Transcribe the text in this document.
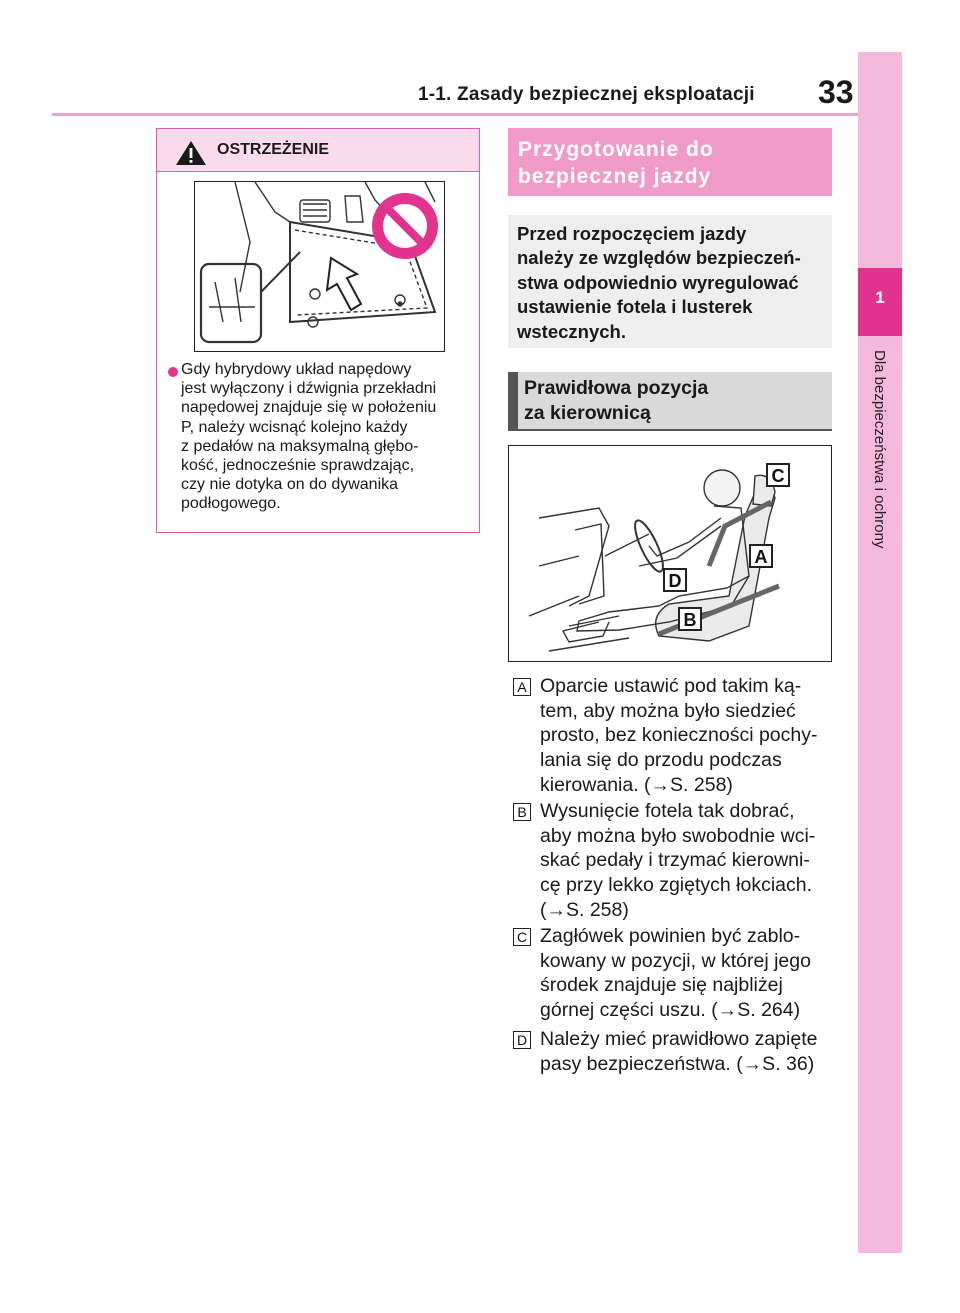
1-1. Zasady bezpiecznej eksploatacji 33
1
Dla bezpieczeństwa i ochrony
OSTRZEŻENIE
Gdy hybrydowy układ napędowy
jest wyłączony i dźwignia przekładni
napędowej znajduje się w położeniu
P, należy wcisnąć kolejno każdy
z pedałów na maksymalną głębo-
kość, jednocześnie sprawdzając,
czy nie dotyka on do dywanika
podłogowego.
Przygotowanie do
bezpiecznej jazdy
Przed rozpoczęciem jazdy
należy ze względów bezpieczeń-
stwa odpowiednio wyregulować
ustawienie fotela i lusterek
wstecznych.
Prawidłowa pozycja
za kierownicą
C
A
D
B
A Oparcie ustawić pod takim ką-
tem, aby można było siedzieć
prosto, bez konieczności pochy-
lania się do przodu podczas
kierowania. (→S. 258)
B Wysunięcie fotela tak dobrać,
aby można było swobodnie wci-
skać pedały i trzymać kierowni-
cę przy lekko zgiętych łokciach.
(→S. 258)
C Zagłówek powinien być zablo-
kowany w pozycji, w której jego
środek znajduje się najbliżej
górnej części uszu. (→S. 264)
D Należy mieć prawidłowo zapięte
pasy bezpieczeństwa. (→S. 36)
